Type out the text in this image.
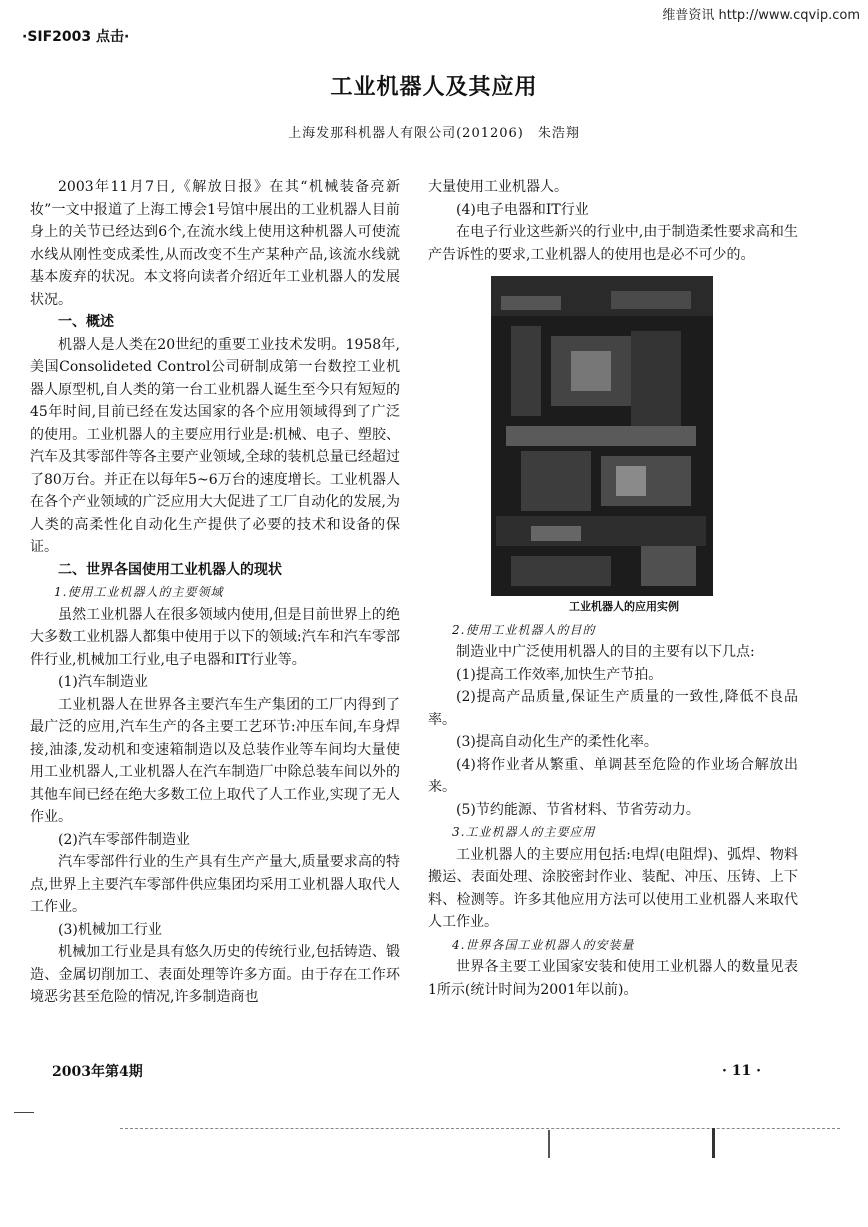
维普资讯 http://www.cqvip.com
·SIF2003 点击·
工业机器人及其应用
上海发那科机器人有限公司(201206)　朱浩翔

2003年11月7日,《解放日报》在其“机械装备亮新妆”一文中报道了上海工博会1号馆中展出的工业机器人目前身上的关节已经达到6个,在流水线上使用这种机器人可使流水线从刚性变成柔性,从而改变不生产某种产品,该流水线就基本废弃的状况。本文将向读者介绍近年工业机器人的发展状况。

一、概述

机器人是人类在20世纪的重要工业技术发明。1958年,美国Consolideted Control公司研制成第一台数控工业机器人原型机,自人类的第一台工业机器人诞生至今只有短短的45年时间,目前已经在发达国家的各个应用领域得到了广泛的使用。工业机器人的主要应用行业是:机械、电子、塑胶、汽车及其零部件等各主要产业领域,全球的装机总量已经超过了80万台。并正在以每年5~6万台的速度增长。工业机器人在各个产业领域的广泛应用大大促进了工厂自动化的发展,为人类的高柔性化自动化生产提供了必要的技术和设备的保证。

二、世界各国使用工业机器人的现状

1.使用工业机器人的主要领域

虽然工业机器人在很多领域内使用,但是目前世界上的绝大多数工业机器人都集中使用于以下的领域:汽车和汽车零部件行业,机械加工行业,电子电器和IT行业等。

(1)汽车制造业

工业机器人在世界各主要汽车生产集团的工厂内得到了最广泛的应用,汽车生产的各主要工艺环节:冲压车间,车身焊接,油漆,发动机和变速箱制造以及总装作业等车间均大量使用工业机器人,工业机器人在汽车制造厂中除总装车间以外的其他车间已经在绝大多数工位上取代了人工作业,实现了无人作业。

(2)汽车零部件制造业

汽车零部件行业的生产具有生产产量大,质量要求高的特点,世界上主要汽车零部件供应集团均采用工业机器人取代人工作业。

(3)机械加工行业

机械加工行业是具有悠久历史的传统行业,包括铸造、锻造、金属切削加工、表面处理等许多方面。由于存在工作环境恶劣甚至危险的情况,许多制造商也

大量使用工业机器人。

(4)电子电器和IT行业

在电子行业这些新兴的行业中,由于制造柔性要求高和生产告诉性的要求,工业机器人的使用也是必不可少的。

工业机器人的应用实例

2.使用工业机器人的目的

制造业中广泛使用机器人的目的主要有以下几点:

(1)提高工作效率,加快生产节拍。

(2)提高产品质量,保证生产质量的一致性,降低不良品率。

(3)提高自动化生产的柔性化率。

(4)将作业者从繁重、单调甚至危险的作业场合解放出来。

(5)节约能源、节省材料、节省劳动力。

3.工业机器人的主要应用

工业机器人的主要应用包括:电焊(电阻焊)、弧焊、物料搬运、表面处理、涂胶密封作业、装配、冲压、压铸、上下料、检测等。许多其他应用方法可以使用工业机器人来取代人工作业。

4.世界各国工业机器人的安装量

世界各主要工业国家安装和使用工业机器人的数量见表1所示(统计时间为2001年以前)。

2003年第4期	· 11 ·
